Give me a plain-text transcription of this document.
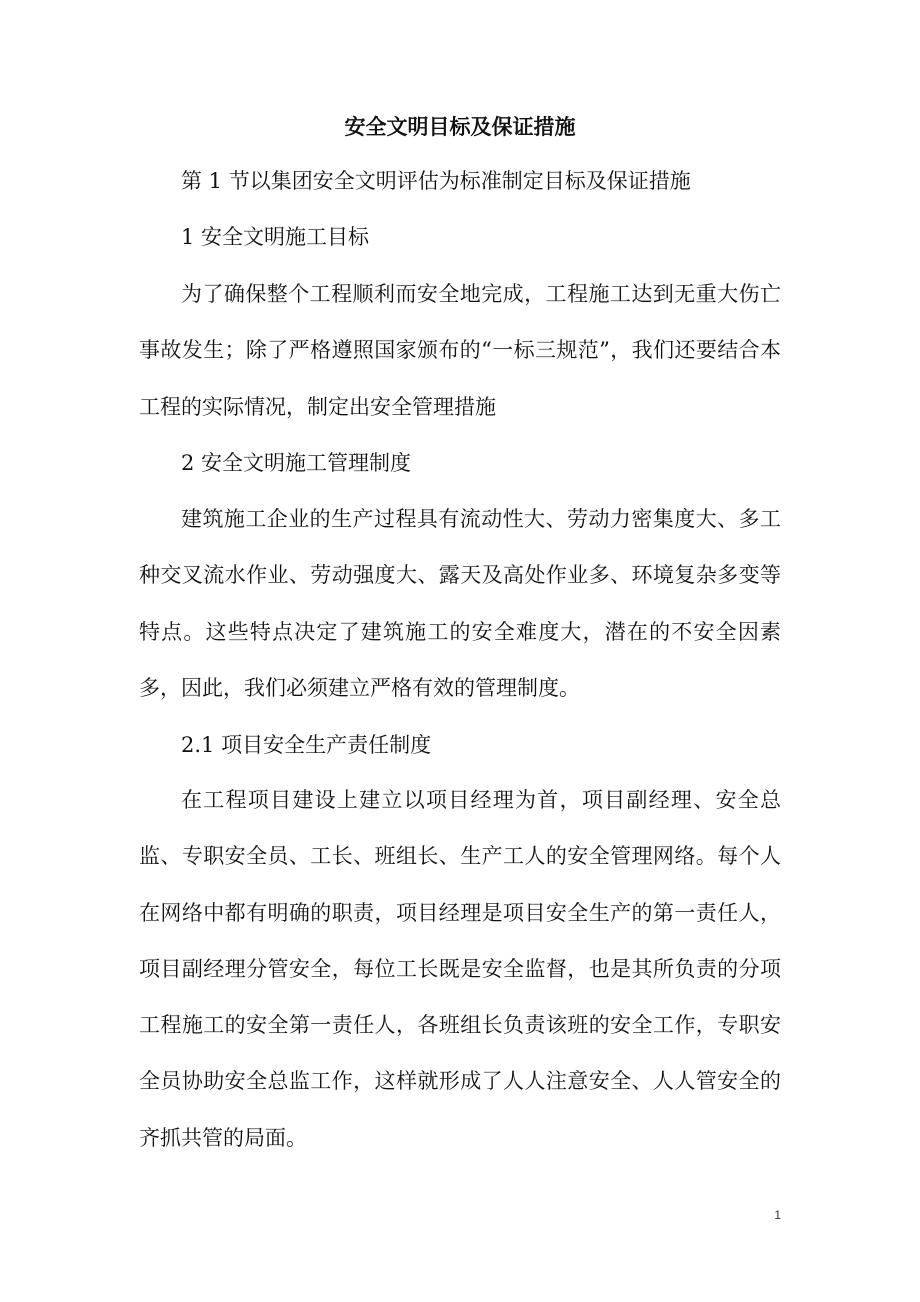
安全文明目标及保证措施

第 1 节以集团安全文明评估为标准制定目标及保证措施

1 安全文明施工目标

为了确保整个工程顺利而安全地完成，工程施工达到无重大伤亡事故发生；除了严格遵照国家颁布的“一标三规范”，我们还要结合本工程的实际情况，制定出安全管理措施

2 安全文明施工管理制度

建筑施工企业的生产过程具有流动性大、劳动力密集度大、多工种交叉流水作业、劳动强度大、露天及高处作业多、环境复杂多变等特点。这些特点决定了建筑施工的安全难度大，潜在的不安全因素多，因此，我们必须建立严格有效的管理制度。

2.1 项目安全生产责任制度

在工程项目建设上建立以项目经理为首，项目副经理、安全总监、专职安全员、工长、班组长、生产工人的安全管理网络。每个人在网络中都有明确的职责，项目经理是项目安全生产的第一责任人，项目副经理分管安全，每位工长既是安全监督，也是其所负责的分项工程施工的安全第一责任人，各班组长负责该班的安全工作，专职安全员协助安全总监工作，这样就形成了人人注意安全、人人管安全的齐抓共管的局面。

1
